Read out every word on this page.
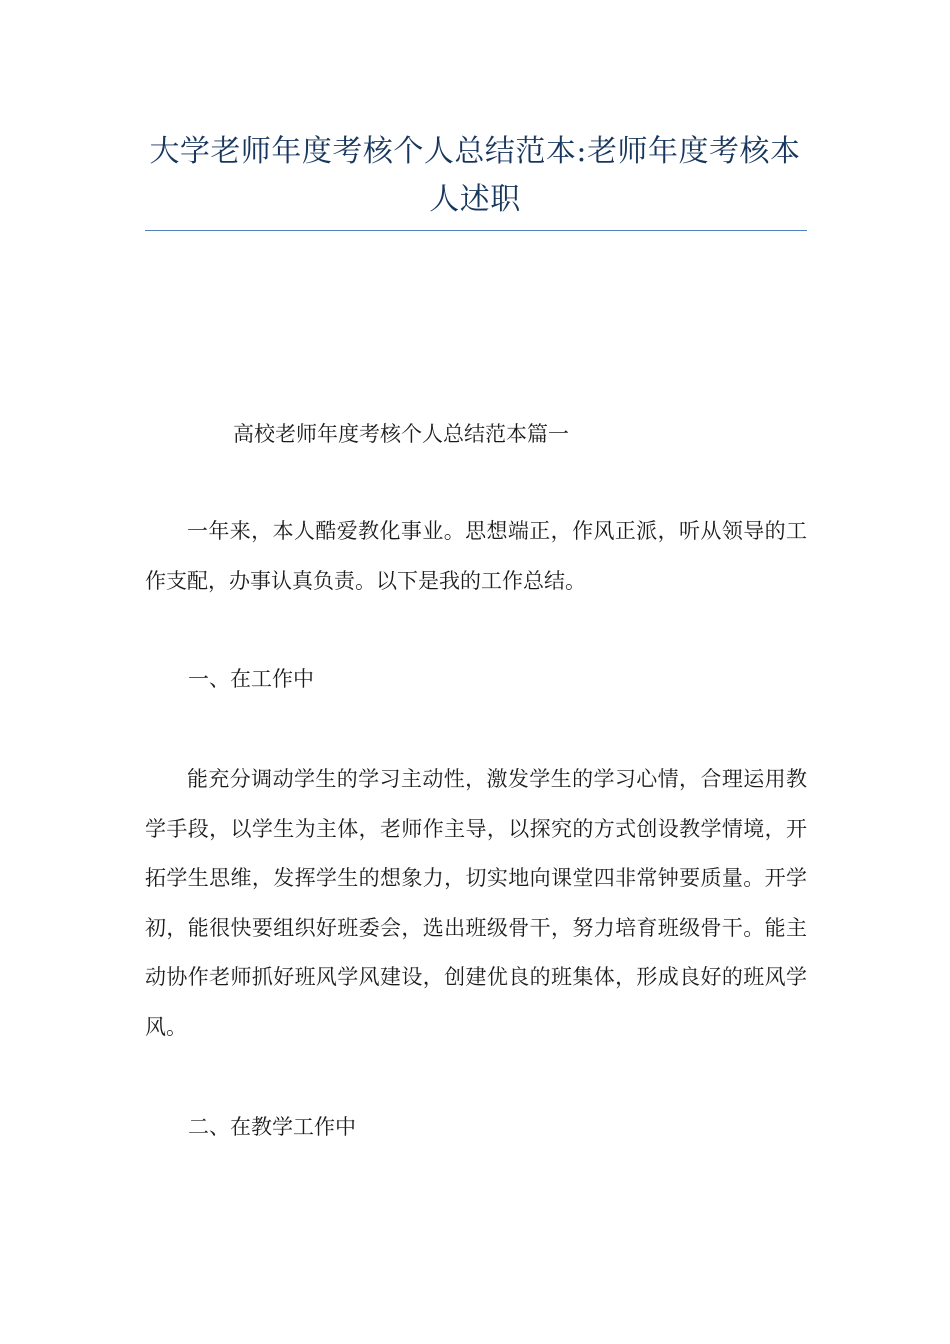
大学老师年度考核个人总结范本:老师年度考核本人述职
高校老师年度考核个人总结范本篇一

一年来，本人酷爱教化事业。思想端正，作风正派，听从领导的工作支配，办事认真负责。以下是我的工作总结。

一、在工作中

能充分调动学生的学习主动性，激发学生的学习心情，合理运用教学手段，以学生为主体，老师作主导，以探究的方式创设教学情境，开拓学生思维，发挥学生的想象力，切实地向课堂四非常钟要质量。开学初，能很快要组织好班委会，选出班级骨干，努力培育班级骨干。能主动协作老师抓好班风学风建设，创建优良的班集体，形成良好的班风学风。

二、在教学工作中
